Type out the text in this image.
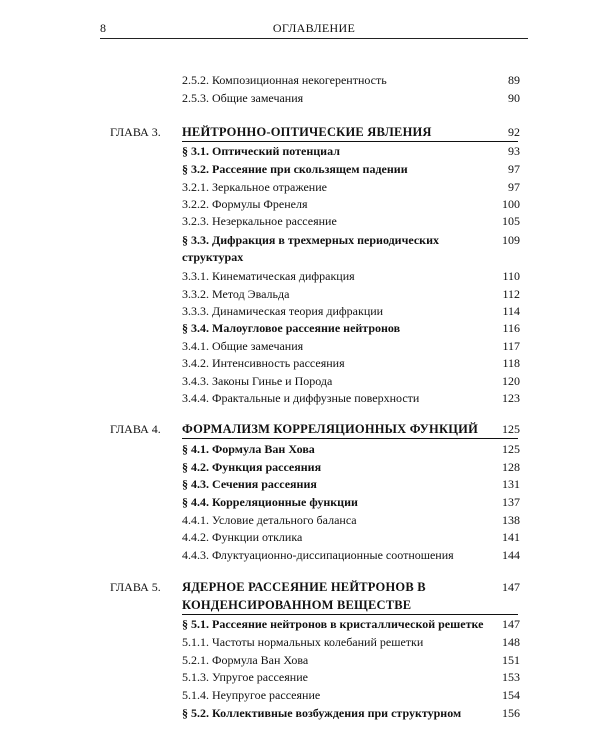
8	ОГЛАВЛЕНИЕ
2.5.2. Композиционная некогерентность	89
2.5.3. Общие замечания	90
ГЛАВА 3. НЕЙТРОННО-ОПТИЧЕСКИЕ ЯВЛЕНИЯ	92
§ 3.1. Оптический потенциал	93
§ 3.2. Рассеяние при скользящем падении	97
3.2.1. Зеркальное отражение	97
3.2.2. Формулы Френеля	100
3.2.3. Незеркальное рассеяние	105
§ 3.3. Дифракция в трехмерных периодических	109
структурах
3.3.1. Кинематическая дифракция	110
3.3.2. Метод Эвальда	112
3.3.3. Динамическая теория дифракции	114
§ 3.4. Малоугловое рассеяние нейтронов	116
3.4.1. Общие замечания	117
3.4.2. Интенсивность рассеяния	118
3.4.3. Законы Гинье и Порода	120
3.4.4. Фрактальные и диффузные поверхности	123
ГЛАВА 4. ФОРМАЛИЗМ КОРРЕЛЯЦИОННЫХ ФУНКЦИЙ	125
§ 4.1. Формула Ван Хова	125
§ 4.2. Функция рассеяния	128
§ 4.3. Сечения рассеяния	131
§ 4.4. Корреляционные функции	137
4.4.1. Условие детального баланса	138
4.4.2. Функции отклика	141
4.4.3. Флуктуационно-диссипационные соотношения	144
ГЛАВА 5. ЯДЕРНОЕ РАССЕЯНИЕ НЕЙТРОНОВ В	147
КОНДЕНСИРОВАННОМ ВЕЩЕСТВЕ
§ 5.1. Рассеяние нейтронов в кристаллической решетке	147
5.1.1. Частоты нормальных колебаний решетки	148
5.2.1. Формула Ван Хова	151
5.1.3. Упругое рассеяние	153
5.1.4. Неупругое рассеяние	154
§ 5.2. Коллективные возбуждения при структурном	156
